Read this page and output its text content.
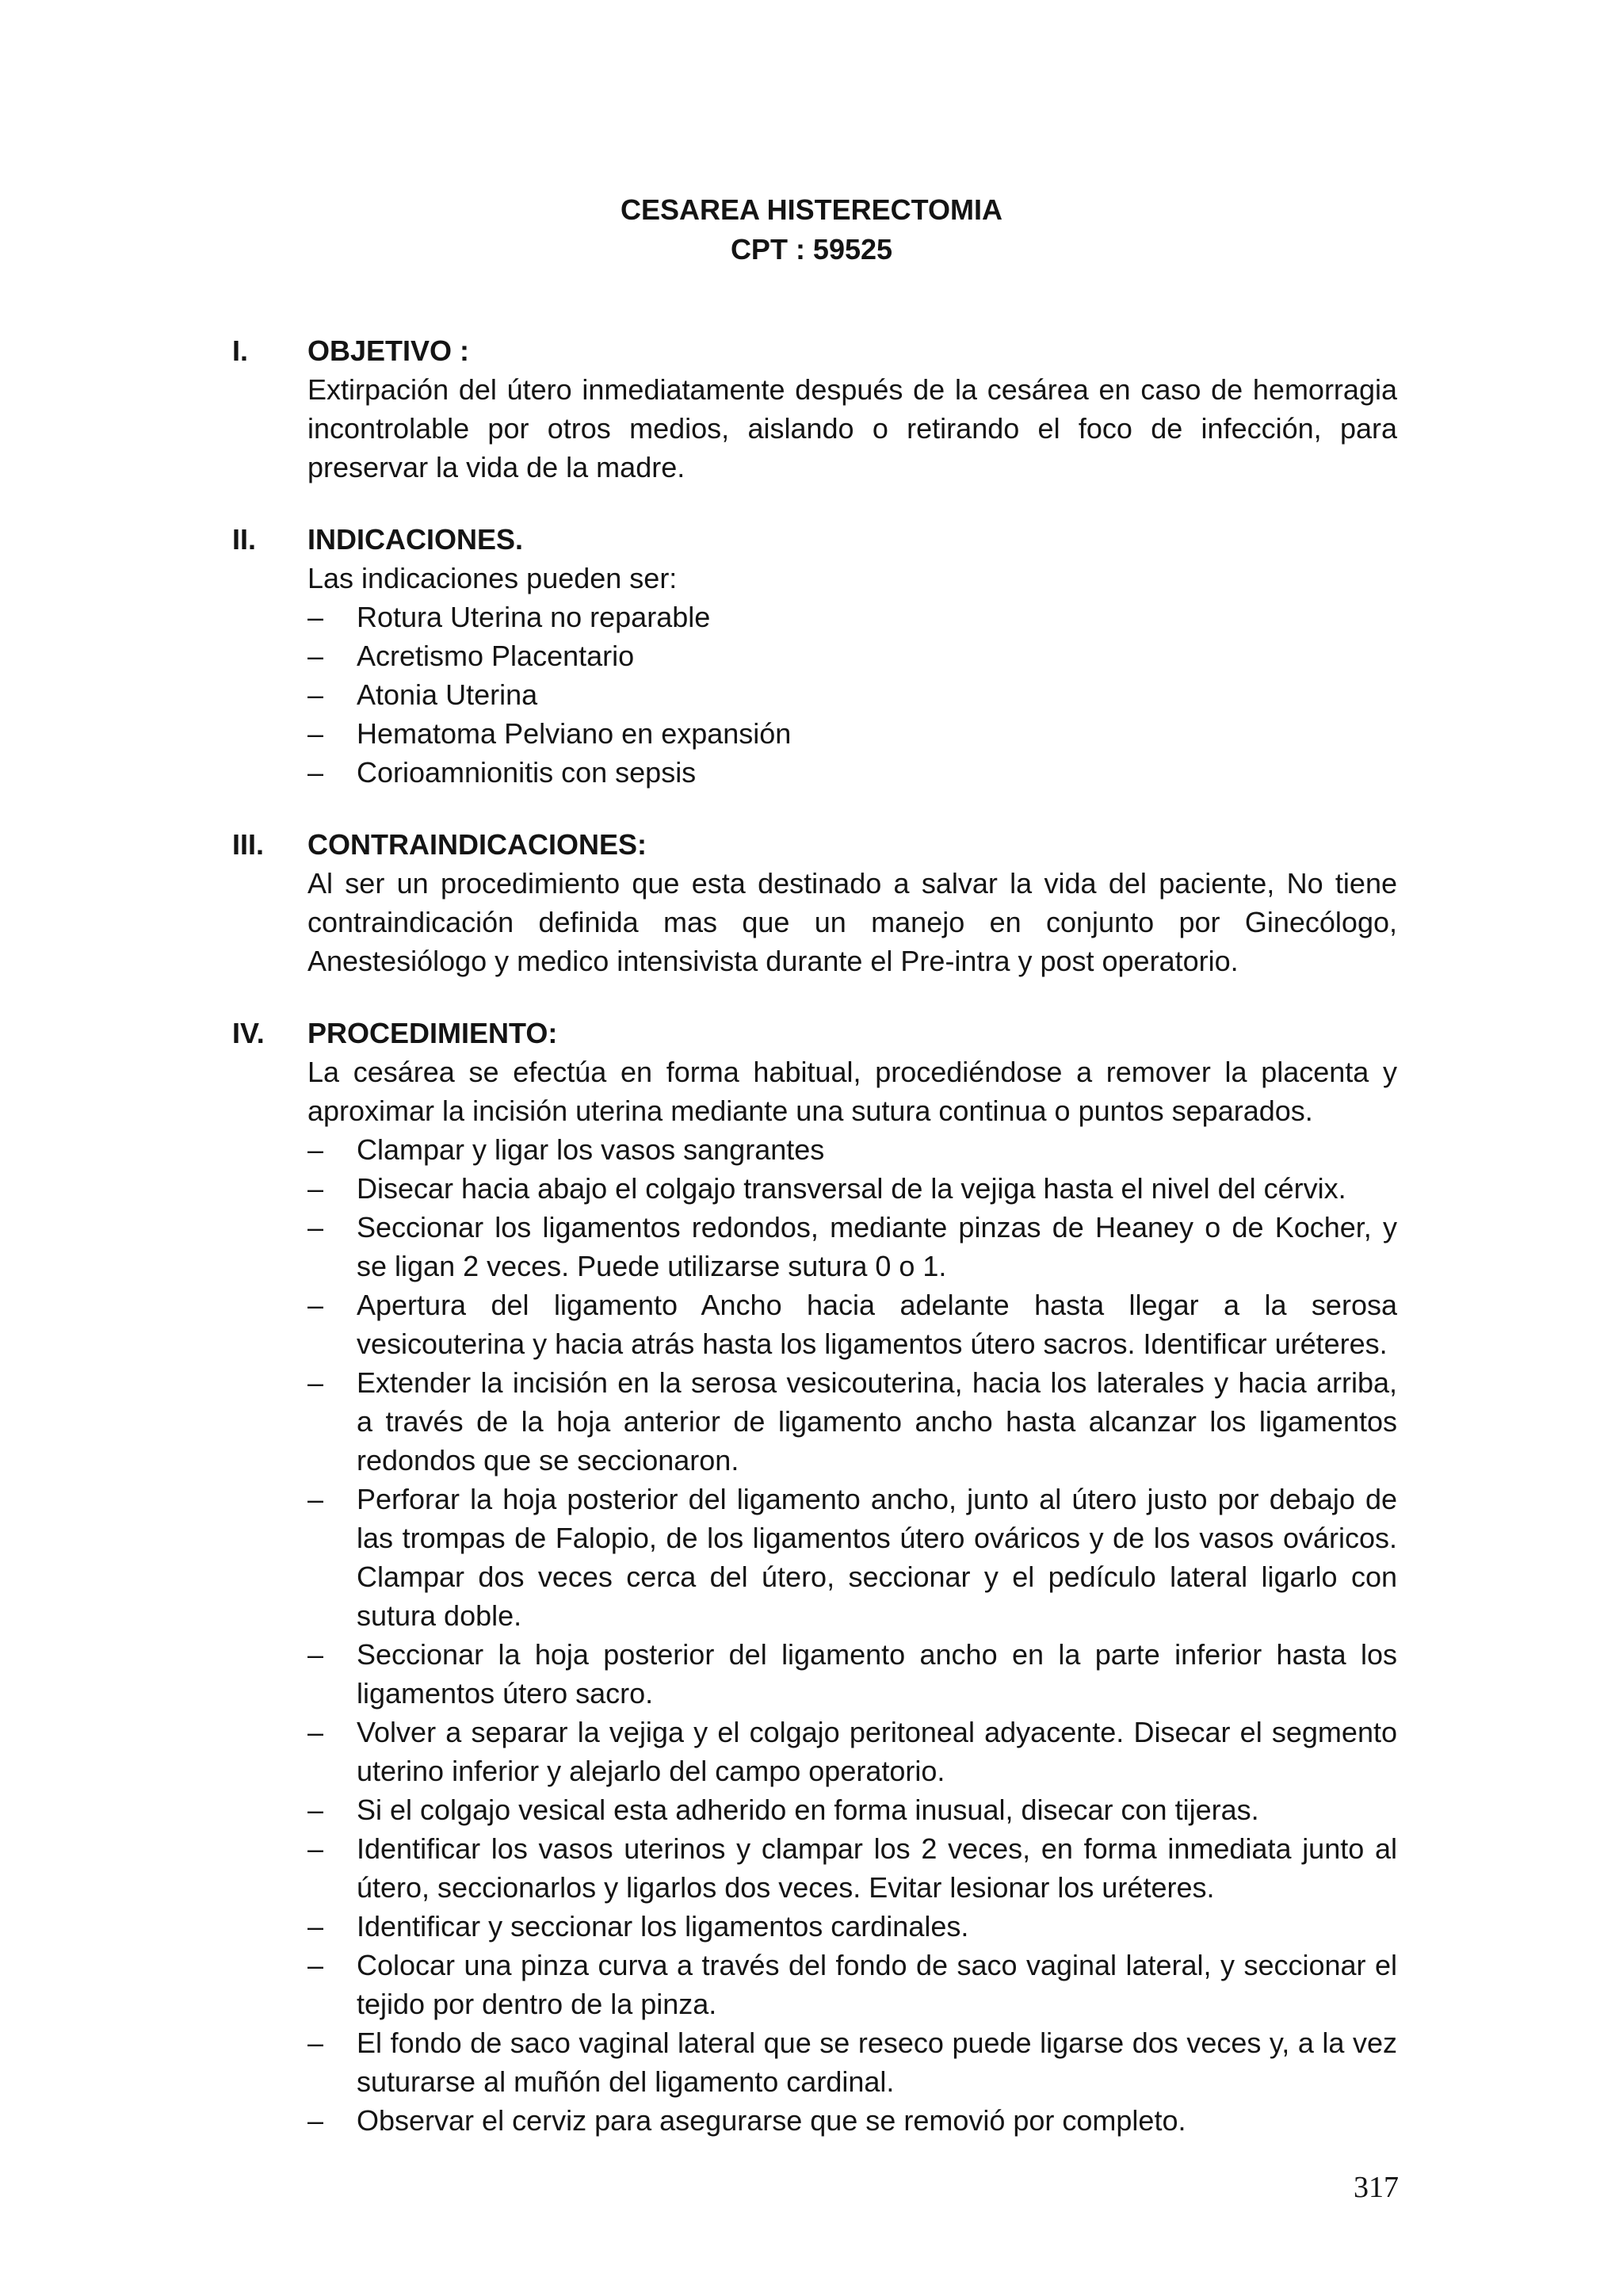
CESAREA HISTERECTOMIA
CPT : 59525
I. OBJETIVO :
Extirpación del útero inmediatamente después de la cesárea en caso de hemorragia incontrolable por otros medios, aislando o retirando el foco de infección, para preservar la vida de la madre.
II. INDICACIONES.
Las indicaciones pueden ser:
– Rotura Uterina no reparable
– Acretismo Placentario
– Atonia Uterina
– Hematoma Pelviano en expansión
– Corioamnionitis con sepsis
III. CONTRAINDICACIONES:
Al ser un procedimiento que esta destinado a salvar la vida del paciente, No tiene contraindicación definida mas que un manejo en conjunto por Ginecólogo, Anestesiólogo y medico intensivista durante el Pre-intra y post operatorio.
IV. PROCEDIMIENTO:
La cesárea se efectúa en forma habitual, procediéndose a remover la placenta y aproximar la incisión uterina mediante una sutura continua o puntos separados.
– Clampar y ligar los vasos sangrantes
– Disecar hacia abajo el colgajo transversal de la vejiga hasta el nivel del cérvix.
– Seccionar los ligamentos redondos, mediante pinzas de Heaney o de Kocher, y se ligan 2 veces. Puede utilizarse sutura 0 o 1.
– Apertura del ligamento Ancho hacia adelante hasta llegar a la serosa vesicouterina y hacia atrás hasta los ligamentos útero sacros. Identificar uréteres.
– Extender la incisión en la serosa vesicouterina, hacia los laterales y hacia arriba, a través de la hoja anterior de ligamento ancho hasta alcanzar los ligamentos redondos que se seccionaron.
– Perforar la hoja posterior del ligamento ancho, junto al útero justo por debajo de las trompas de Falopio, de los ligamentos útero ováricos y de los vasos ováricos. Clampar dos veces cerca del útero, seccionar y el pedículo lateral ligarlo con sutura doble.
– Seccionar la hoja posterior del ligamento ancho en la parte inferior hasta los ligamentos útero sacro.
– Volver a separar la vejiga y el colgajo peritoneal adyacente. Disecar el segmento uterino inferior y alejarlo del campo operatorio.
– Si el colgajo vesical esta adherido en forma inusual, disecar con tijeras.
– Identificar los vasos uterinos y clampar los 2 veces, en forma inmediata junto al útero, seccionarlos y ligarlos dos veces. Evitar lesionar los uréteres.
– Identificar y seccionar los ligamentos cardinales.
– Colocar una pinza curva a través del fondo de saco vaginal lateral, y seccionar el tejido por dentro de la pinza.
– El fondo de saco vaginal lateral que se reseco puede ligarse dos veces y, a la vez suturarse al muñón del ligamento cardinal.
– Observar el cerviz para asegurarse que se removió por completo.
317
